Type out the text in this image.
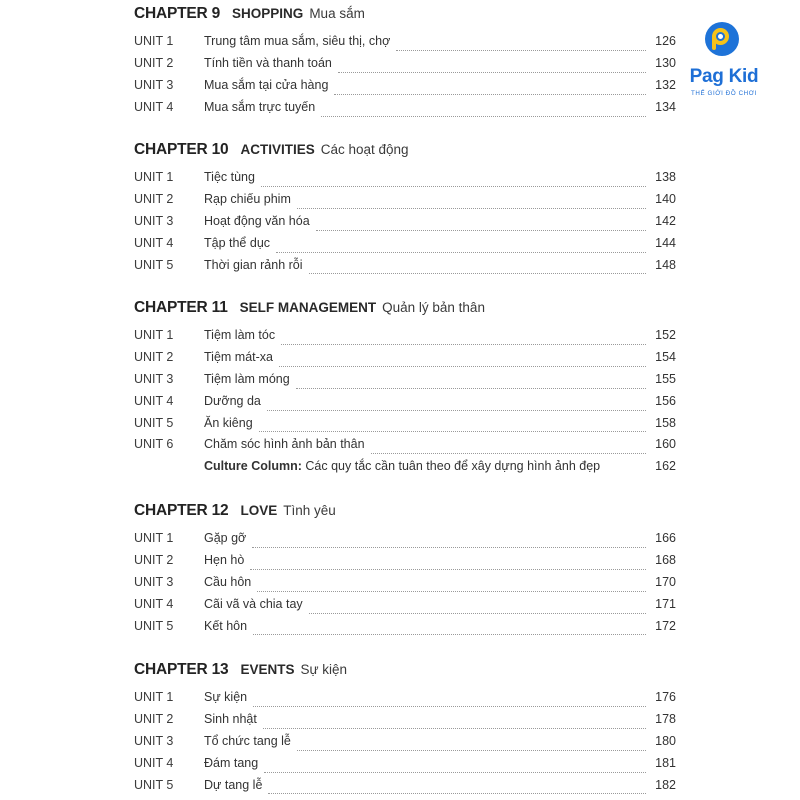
CHAPTER 9 SHOPPING Mua sắm
UNIT 1	Trung tâm mua sắm, siêu thị, chợ	126
UNIT 2	Tính tiền và thanh toán	130
UNIT 3	Mua sắm tại cửa hàng	132
UNIT 4	Mua sắm trực tuyến	134
CHAPTER 10 ACTIVITIES Các hoạt động
UNIT 1	Tiệc tùng	138
UNIT 2	Rạp chiếu phim	140
UNIT 3	Hoạt động văn hóa	142
UNIT 4	Tập thể dục	144
UNIT 5	Thời gian rảnh rỗi	148
CHAPTER 11 SELF MANAGEMENT Quản lý bản thân
UNIT 1	Tiệm làm tóc	152
UNIT 2	Tiệm mát-xa	154
UNIT 3	Tiệm làm móng	155
UNIT 4	Dưỡng da	156
UNIT 5	Ăn kiêng	158
UNIT 6	Chăm sóc hình ảnh bản thân	160
Culture Column: Các quy tắc cần tuân theo để xây dựng hình ảnh đẹp	162
CHAPTER 12 LOVE Tình yêu
UNIT 1	Gặp gỡ	166
UNIT 2	Hẹn hò	168
UNIT 3	Cầu hôn	170
UNIT 4	Cãi vã và chia tay	171
UNIT 5	Kết hôn	172
CHAPTER 13 EVENTS Sự kiện
UNIT 1	Sự kiện	176
UNIT 2	Sinh nhật	178
UNIT 3	Tổ chức tang lễ	180
UNIT 4	Đám tang	181
UNIT 5	Dự tang lễ	182
Pag Kid
THẾ GIỚI ĐỒ CHƠI
